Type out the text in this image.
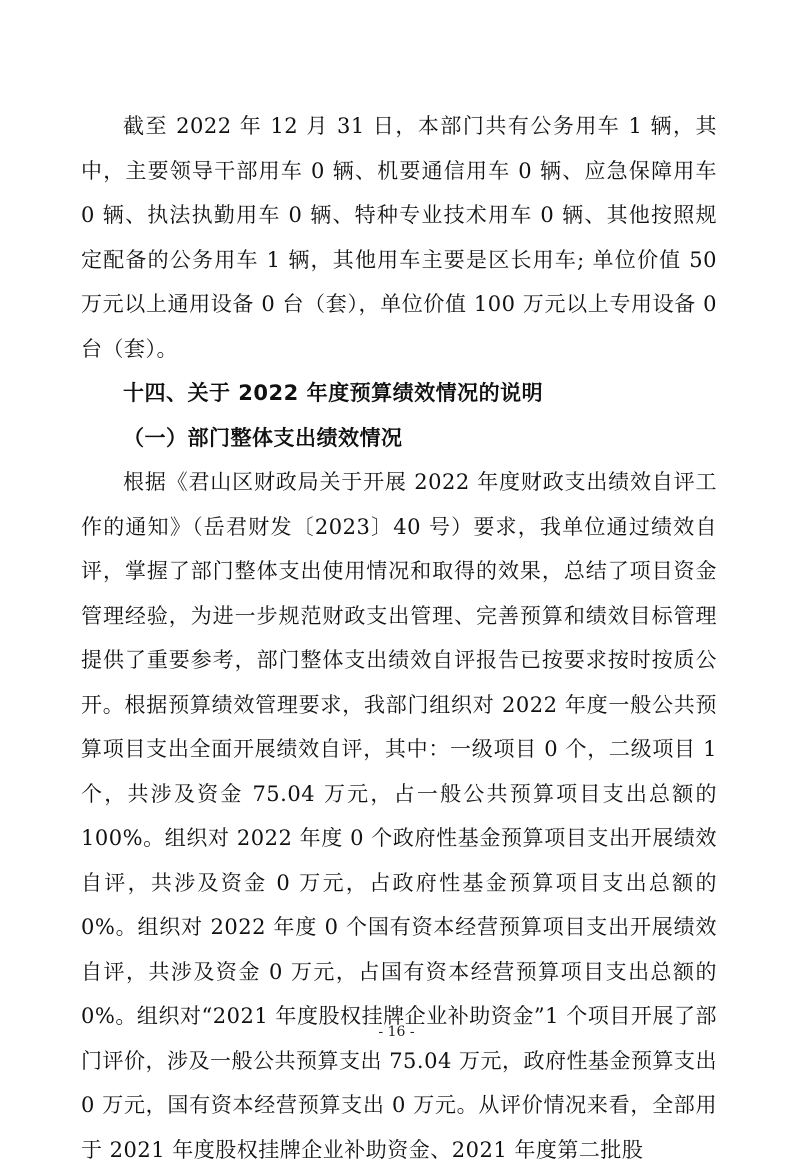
截至 2022 年 12 月 31 日，本部门共有公务用车 1 辆，其中，主要领导干部用车 0 辆、机要通信用车 0 辆、应急保障用车 0 辆、执法执勤用车 0 辆、特种专业技术用车 0 辆、其他按照规定配备的公务用车 1 辆，其他用车主要是区长用车; 单位价值 50 万元以上通用设备 0 台（套），单位价值 100 万元以上专用设备 0 台（套）。

十四、关于 2022 年度预算绩效情况的说明

（一）部门整体支出绩效情况

根据《君山区财政局关于开展 2022 年度财政支出绩效自评工作的通知》（岳君财发〔2023〕40 号）要求，我单位通过绩效自评，掌握了部门整体支出使用情况和取得的效果，总结了项目资金管理经验，为进一步规范财政支出管理、完善预算和绩效目标管理提供了重要参考，部门整体支出绩效自评报告已按要求按时按质公开。根据预算绩效管理要求，我部门组织对 2022 年度一般公共预算项目支出全面开展绩效自评，其中：一级项目 0 个，二级项目 1 个，共涉及资金 75.04 万元，占一般公共预算项目支出总额的 100%。组织对 2022 年度 0 个政府性基金预算项目支出开展绩效自评，共涉及资金 0 万元，占政府性基金预算项目支出总额的 0%。组织对 2022 年度 0 个国有资本经营预算项目支出开展绩效自评，共涉及资金 0 万元，占国有资本经营预算项目支出总额的 0%。组织对“2021 年度股权挂牌企业补助资金”1 个项目开展了部门评价，涉及一般公共预算支出 75.04 万元，政府性基金预算支出 0 万元，国有资本经营预算支出 0 万元。从评价情况来看，全部用于 2021 年度股权挂牌企业补助资金、2021 年度第二批股

- 16 -
